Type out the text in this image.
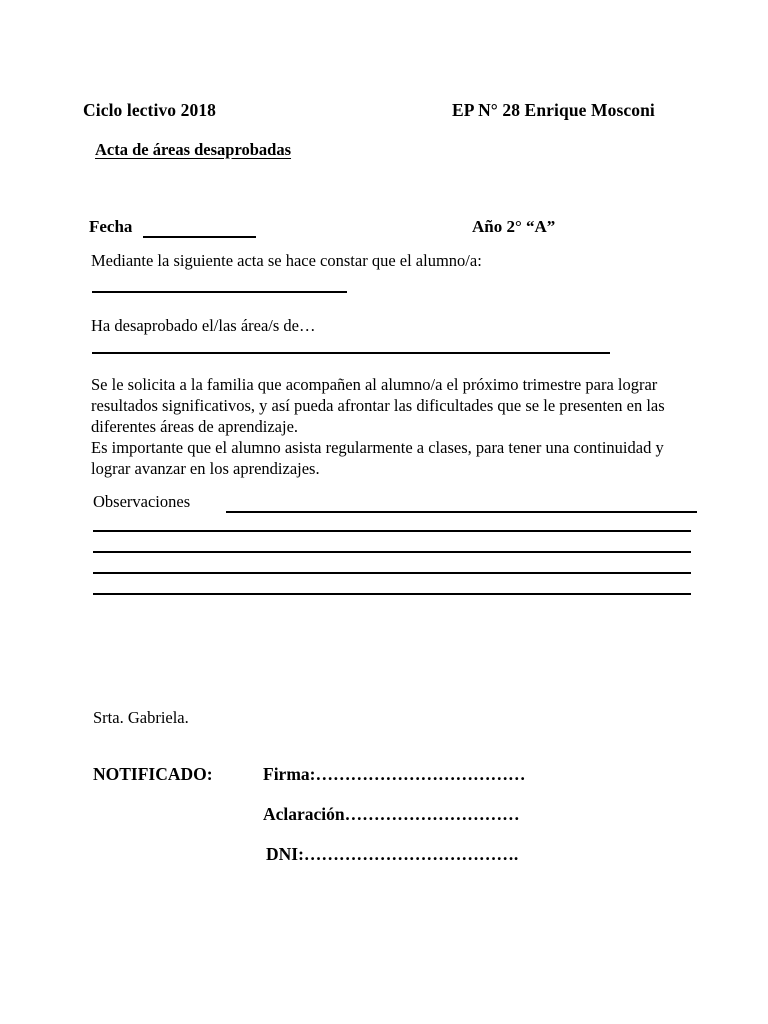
Ciclo lectivo 2018	EP N° 28 Enrique Mosconi
Acta de áreas desaprobadas
Fecha	Año 2° “A”
Mediante la siguiente acta se hace constar que el alumno/a:
Ha desaprobado el/las área/s de…

Se le solicita a la familia que acompañen al alumno/a el próximo trimestre para lograr resultados significativos, y así pueda afrontar las dificultades que se le presenten en las diferentes áreas de aprendizaje.

Es importante que el alumno asista regularmente a clases, para tener una continuidad y lograr avanzar en los aprendizajes.

Observaciones
Srta. Gabriela.
NOTIFICADO:	Firma:………………………………
Aclaración…………………………
DNI:……………………………….
